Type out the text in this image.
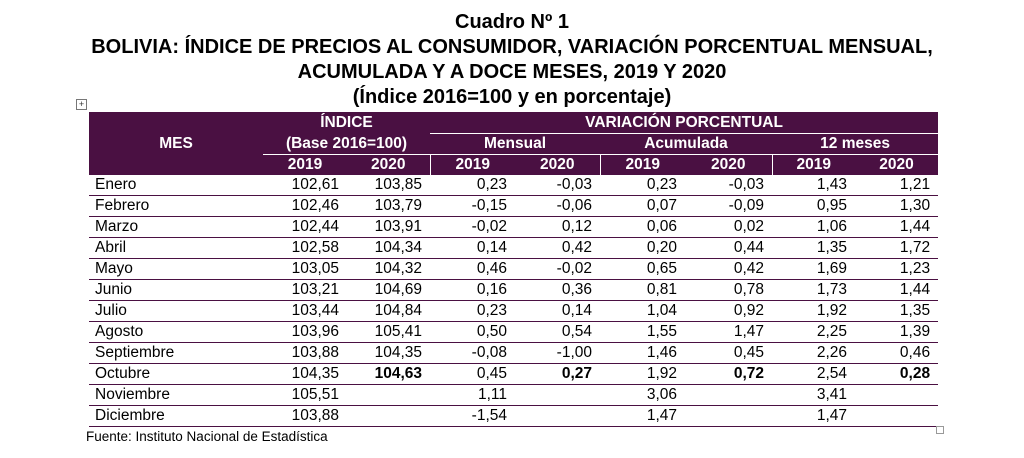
Cuadro Nº 1
BOLIVIA: ÍNDICE DE PRECIOS AL CONSUMIDOR, VARIACIÓN PORCENTUAL MENSUAL,
ACUMULADA Y A DOCE MESES, 2019 Y 2020
(Índice 2016=100 y en porcentaje)
+
MES	ÍNDICE		VARIACIÓN PORCENTUAL					
	(Base 2016=100)		Mensual		Acumulada		12 meses	
	2019	2020	2019	2020	2019	2020	2019	2020
Enero	102,61	103,85	0,23	-0,03	0,23	-0,03	1,43	1,21
Febrero	102,46	103,79	-0,15	-0,06	0,07	-0,09	0,95	1,30
Marzo	102,44	103,91	-0,02	0,12	0,06	0,02	1,06	1,44
Abril	102,58	104,34	0,14	0,42	0,20	0,44	1,35	1,72
Mayo	103,05	104,32	0,46	-0,02	0,65	0,42	1,69	1,23
Junio	103,21	104,69	0,16	0,36	0,81	0,78	1,73	1,44
Julio	103,44	104,84	0,23	0,14	1,04	0,92	1,92	1,35
Agosto	103,96	105,41	0,50	0,54	1,55	1,47	2,25	1,39
Septiembre	103,88	104,35	-0,08	-1,00	1,46	0,45	2,26	0,46
Octubre	104,35	104,63	0,45	0,27	1,92	0,72	2,54	0,28
Noviembre	105,51		1,11		3,06		3,41	
Diciembre	103,88		-1,54		1,47		1,47	
Fuente: Instituto Nacional de Estadística
